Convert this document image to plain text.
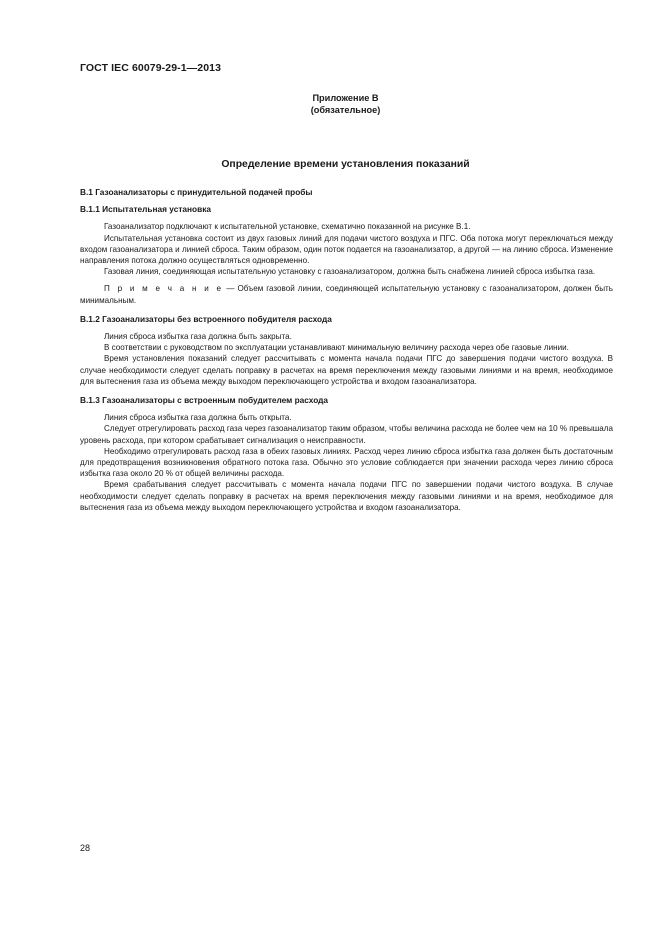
ГОСТ IEC 60079-29-1—2013
Приложение В
(обязательное)
Определение времени установления показаний

В.1 Газоанализаторы с принудительной подачей пробы

В.1.1 Испытательная установка

Газоанализатор подключают к испытательной установке, схематично показанной на рисунке В.1.

Испытательная установка состоит из двух газовых линий для подачи чистого воздуха и ПГС. Оба потока могут переключаться между входом газоанализатора и линией сброса. Таким образом, один поток подается на газоанализатор, а другой — на линию сброса. Изменение направления потока должно осуществляться одновременно.

Газовая линия, соединяющая испытательную установку с газоанализатором, должна быть снабжена линией сброса избытка газа.

П р и м е ч а н и е — Объем газовой линии, соединяющей испытательную установку с газоанализатором, должен быть минимальным.

В.1.2 Газоанализаторы без встроенного побудителя расхода

Линия сброса избытка газа должна быть закрыта.

В соответствии с руководством по эксплуатации устанавливают минимальную величину расхода через обе газовые линии.

Время установления показаний следует рассчитывать с момента начала подачи ПГС до завершения подачи чистого воздуха. В случае необходимости следует сделать поправку в расчетах на время переключения между газовыми линиями и на время, необходимое для вытеснения газа из объема между выходом переключающего устройства и входом газоанализатора.

В.1.3 Газоанализаторы с встроенным побудителем расхода

Линия сброса избытка газа должна быть открыта.

Следует отрегулировать расход газа через газоанализатор таким образом, чтобы величина расхода не более чем на 10 % превышала уровень расхода, при котором срабатывает сигнализация о неисправности.

Необходимо отрегулировать расход газа в обеих газовых линиях. Расход через линию сброса избытка газа должен быть достаточным для предотвращения возникновения обратного потока газа. Обычно это условие соблюдается при значении расхода через линию сброса избытка газа около 20 % от общей величины расхода.

Время срабатывания следует рассчитывать с момента начала подачи ПГС по завершении подачи чистого воздуха. В случае необходимости следует сделать поправку в расчетах на время переключения между газовыми линиями и на время, необходимое для вытеснения газа из объема между выходом переключающего устройства и входом газоанализатора.

28
